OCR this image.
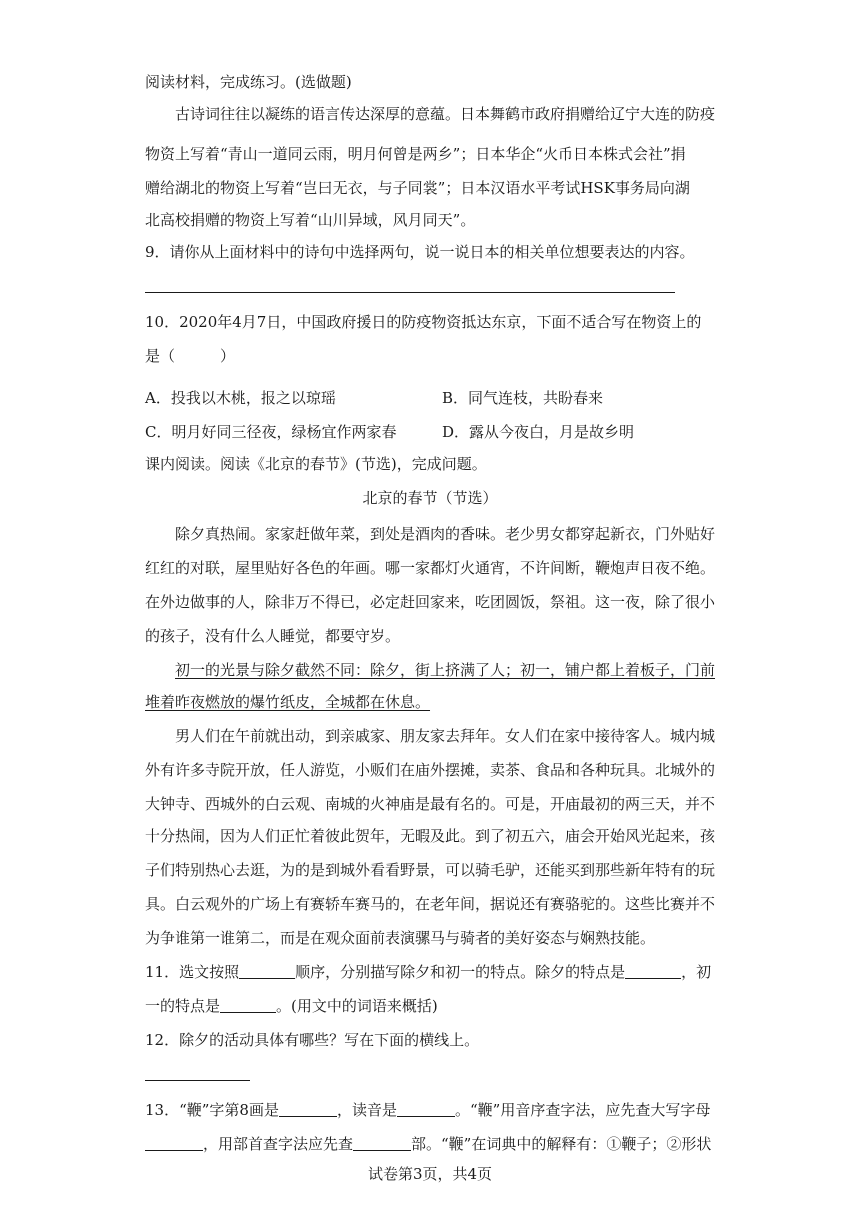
阅读材料，完成练习。(选做题)
古诗词往往以凝练的语言传达深厚的意蕴。日本舞鹤市政府捐赠给辽宁大连的防疫
物资上写着“青山一道同云雨，明月何曾是两乡”；日本华企“火币日本株式会社”捐
赠给湖北的物资上写着“岂曰无衣，与子同裳”；日本汉语水平考试HSK事务局向湖
北高校捐赠的物资上写着“山川异域，风月同天”。
9．请你从上面材料中的诗句中选择两句，说一说日本的相关单位想要表达的内容。
10．2020年4月7日，中国政府援日的防疫物资抵达东京，下面不适合写在物资上的
是（　　　）
A．投我以木桃，报之以琼瑶	B．同气连枝，共盼春来
C．明月好同三径夜，绿杨宜作两家春	D．露从今夜白，月是故乡明
课内阅读。阅读《北京的春节》(节选)，完成问题。
北京的春节（节选）
除夕真热闹。家家赶做年菜，到处是酒肉的香味。老少男女都穿起新衣，门外贴好
红红的对联，屋里贴好各色的年画。哪一家都灯火通宵，不许间断，鞭炮声日夜不绝。
在外边做事的人，除非万不得已，必定赶回家来，吃团圆饭，祭祖。这一夜，除了很小
的孩子，没有什么人睡觉，都要守岁。
初一的光景与除夕截然不同：除夕，街上挤满了人；初一，铺户都上着板子，门前
堆着昨夜燃放的爆竹纸皮，全城都在休息。
男人们在午前就出动，到亲戚家、朋友家去拜年。女人们在家中接待客人。城内城
外有许多寺院开放，任人游览，小贩们在庙外摆摊，卖茶、食品和各种玩具。北城外的
大钟寺、西城外的白云观、南城的火神庙是最有名的。可是，开庙最初的两三天，并不
十分热闹，因为人们正忙着彼此贺年，无暇及此。到了初五六，庙会开始风光起来，孩
子们特别热心去逛，为的是到城外看看野景，可以骑毛驴，还能买到那些新年特有的玩
具。白云观外的广场上有赛轿车赛马的，在老年间，据说还有赛骆驼的。这些比赛并不
为争谁第一谁第二，而是在观众面前表演骡马与骑者的美好姿态与娴熟技能。
11．选文按照	顺序，分别描写除夕和初一的特点。除夕的特点是	，初
一的特点是	。(用文中的词语来概括)
12．除夕的活动具体有哪些？写在下面的横线上。
13．“鞭”字第8画是	，读音是	。“鞭”用音序查字法，应先查大写字母
，用部首查字法应先查	部。“鞭”在词典中的解释有：①鞭子；②形状
试卷第3页，共4页
